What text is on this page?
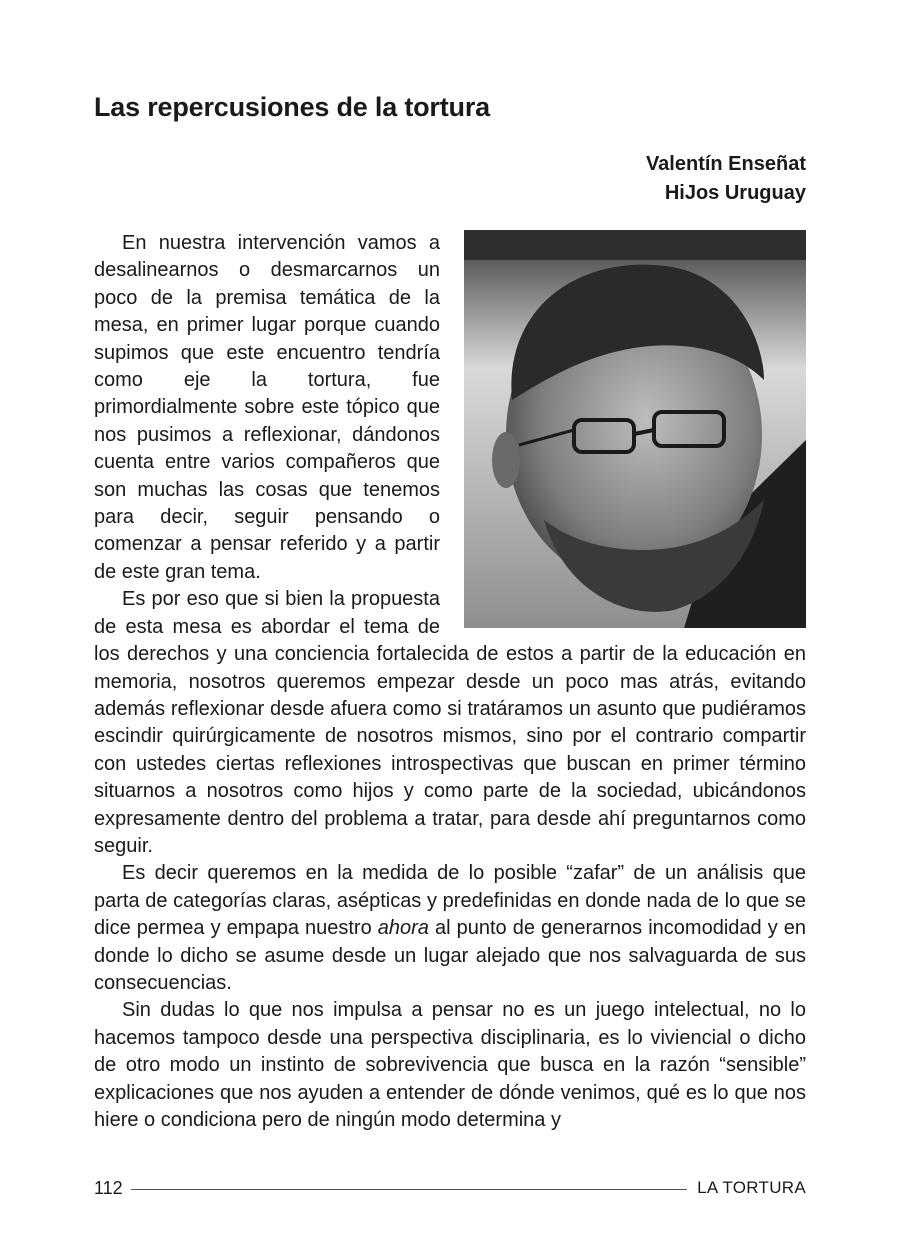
Las repercusiones de la tortura
Valentín Enseñat
HiJos Uruguay

En nuestra intervención vamos a desalinearnos o desmarcarnos un poco de la premisa temática de la mesa, en primer lugar porque cuando supimos que este encuentro tendría como eje la tortura, fue primordialmente sobre este tópico que nos pusimos a reflexionar, dándonos cuenta entre varios compañeros que son muchas las cosas que tenemos para decir, seguir pensando o comenzar a pensar referido y a partir de este gran tema.

Es por eso que si bien la propuesta de esta mesa es abordar el tema de los derechos y una conciencia fortalecida de estos a partir de la educación en memoria, nosotros queremos empezar desde un poco mas atrás, evitando además reflexionar desde afuera como si tratáramos un asunto que pudiéramos escindir quirúrgicamente de nosotros mismos, sino por el contrario compartir con ustedes ciertas reflexiones introspectivas que buscan en primer término situarnos a nosotros como hijos y como parte de la sociedad, ubicándonos expresamente dentro del problema a tratar, para desde ahí preguntarnos como seguir.

Es decir queremos en la medida de lo posible “zafar” de un análisis que parta de categorías claras, asépticas y predefinidas en donde nada de lo que se dice permea y empapa nuestro ahora al punto de generarnos incomodidad y en donde lo dicho se asume desde un lugar alejado que nos salvaguarda de sus consecuencias.

Sin dudas lo que nos impulsa a pensar no es un juego intelectual, no lo hacemos tampoco desde una perspectiva disciplinaria, es lo viviencial o dicho de otro modo un instinto de sobrevivencia que busca en la razón “sensible” explicaciones que nos ayuden a entender de dónde venimos, qué es lo que nos hiere o condiciona pero de ningún modo determina y

112	LA TORTURA
